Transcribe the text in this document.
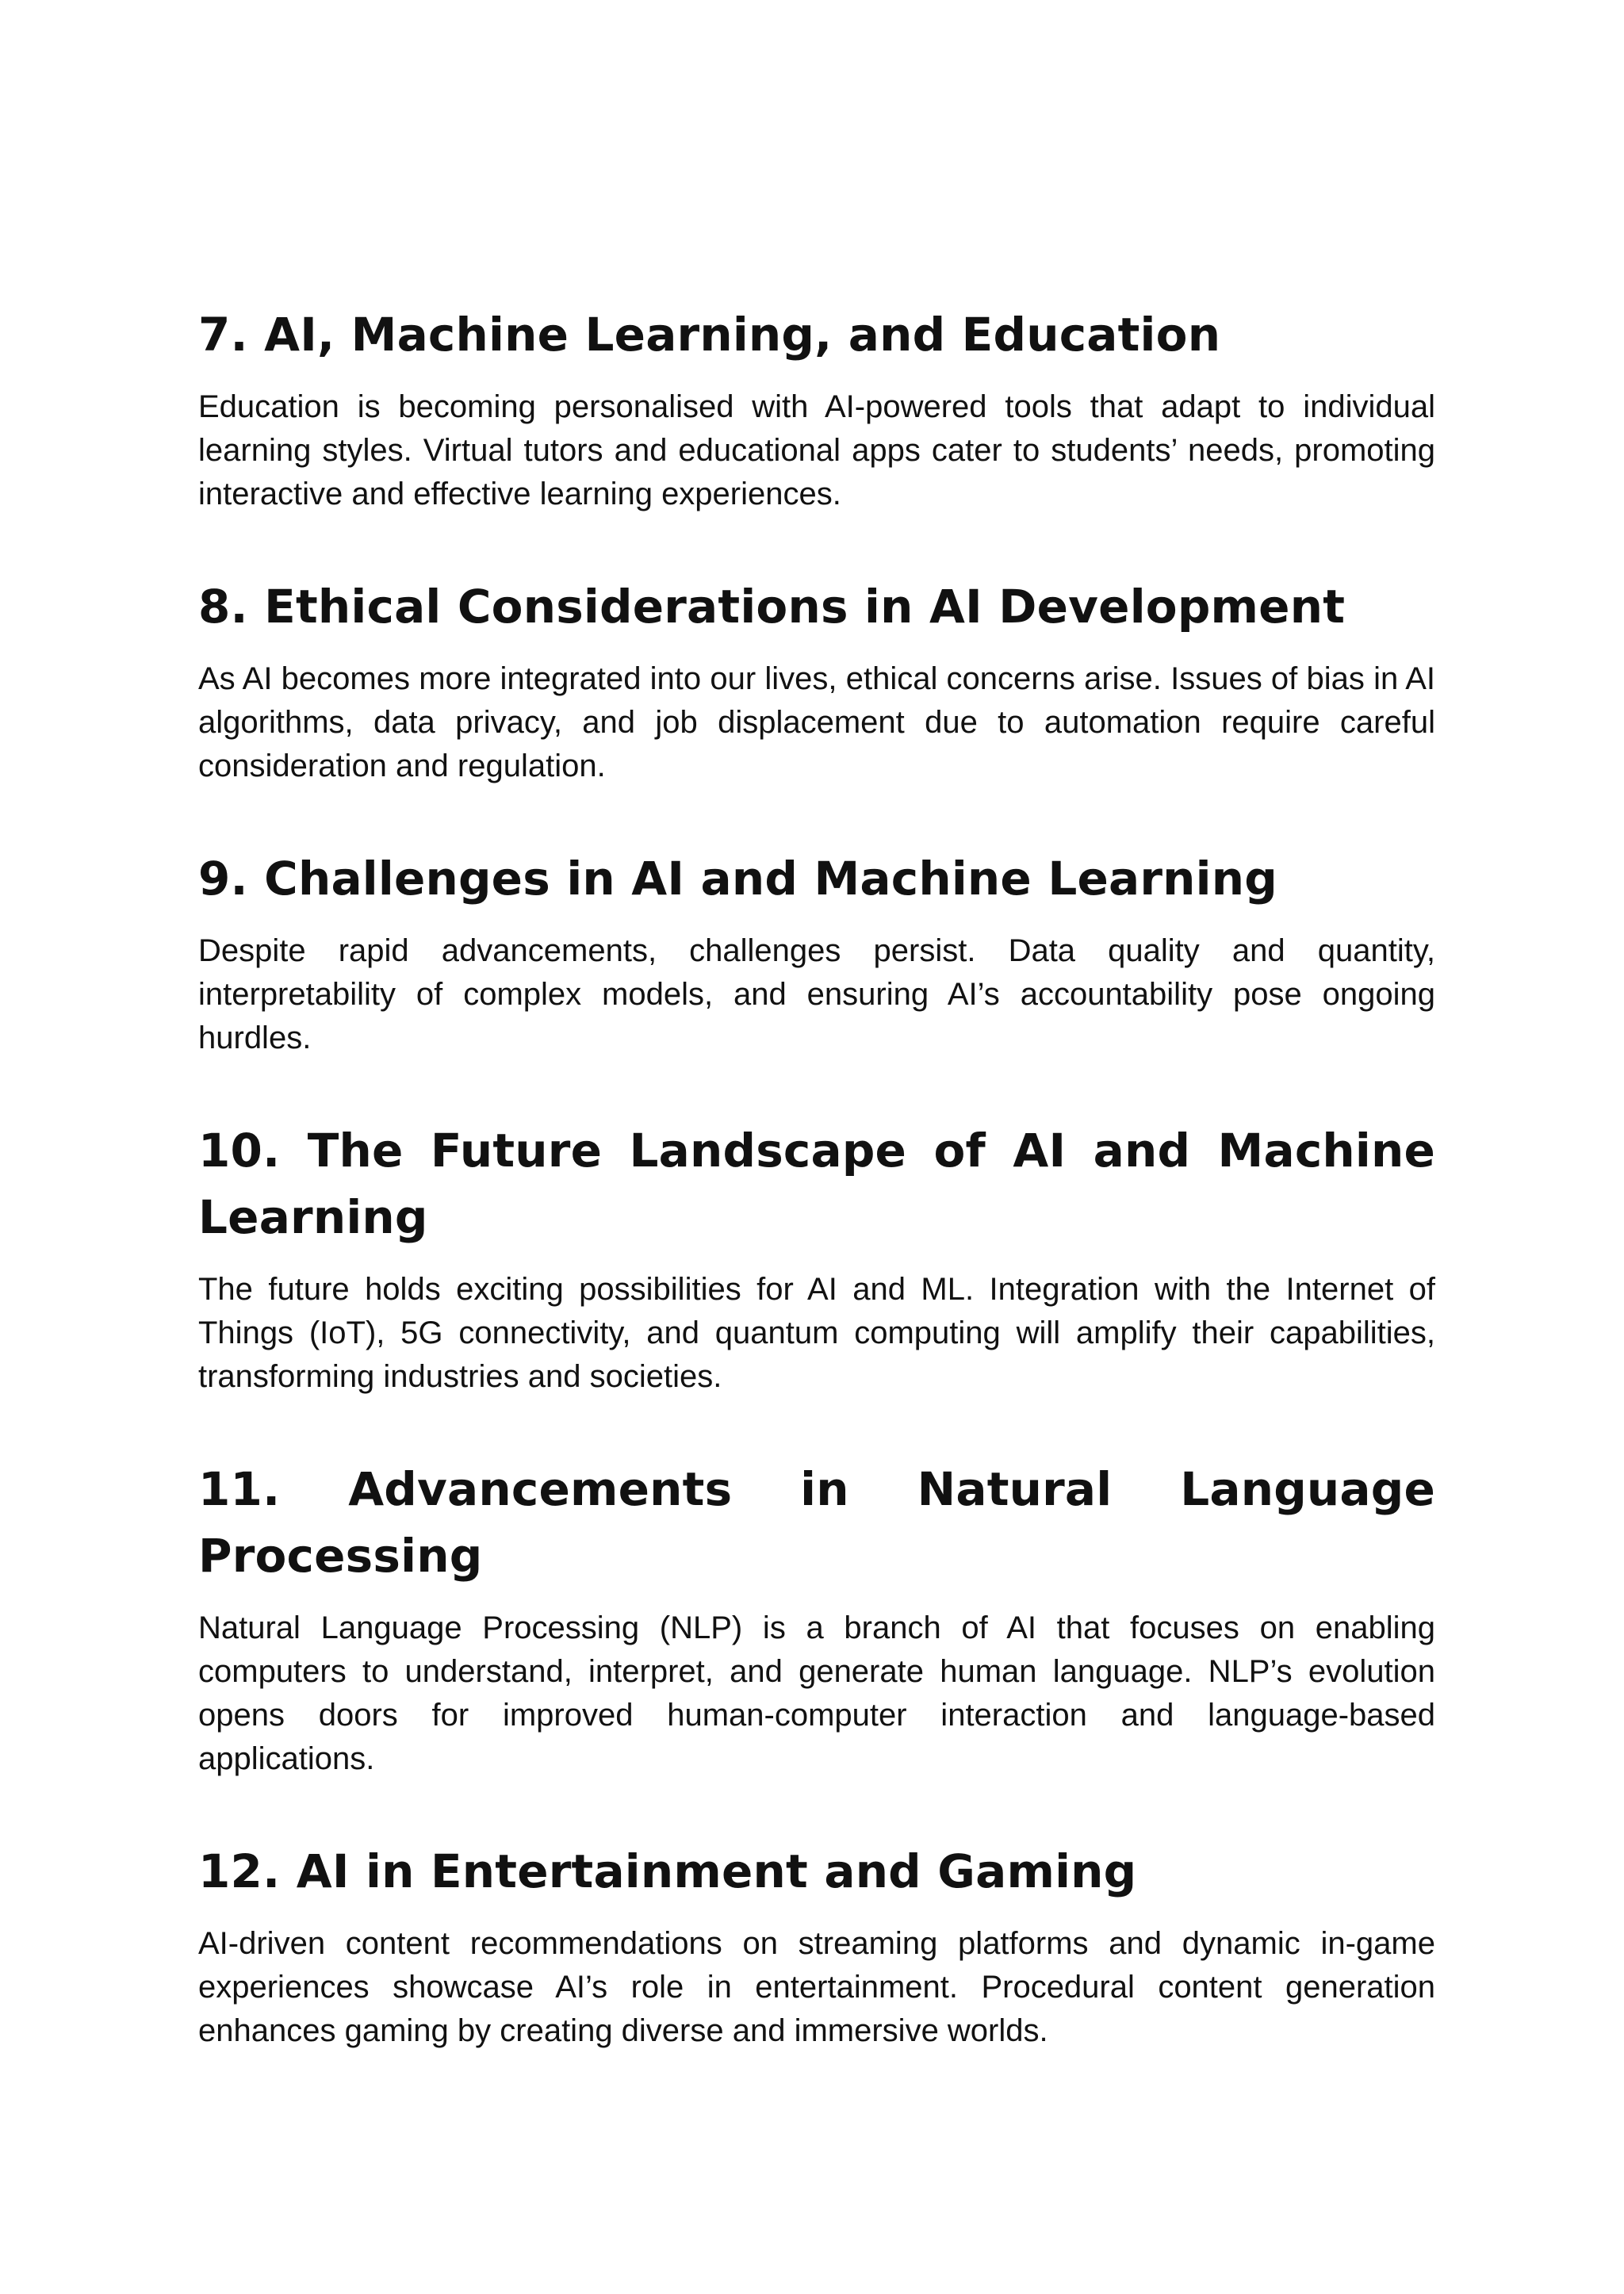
7. AI, Machine Learning, and Education

Education is becoming personalised with AI-powered tools that adapt to individual learning styles. Virtual tutors and educational apps cater to students’ needs, promoting interactive and effective learning experiences.

8. Ethical Considerations in AI Development

As AI becomes more integrated into our lives, ethical concerns arise. Issues of bias in AI algorithms, data privacy, and job displacement due to automation require careful consideration and regulation.

9. Challenges in AI and Machine Learning

Despite rapid advancements, challenges persist. Data quality and quantity, interpretability of complex models, and ensuring AI’s accountability pose ongoing hurdles.

10. The Future Landscape of AI and Machine Learning

The future holds exciting possibilities for AI and ML. Integration with the Internet of Things (IoT), 5G connectivity, and quantum computing will amplify their capabilities, transforming industries and societies.

11. Advancements in Natural Language Processing

Natural Language Processing (NLP) is a branch of AI that focuses on enabling computers to understand, interpret, and generate human language. NLP’s evolution opens doors for improved human-computer interaction and language-based applications.

12. AI in Entertainment and Gaming

AI-driven content recommendations on streaming platforms and dynamic in-game experiences showcase AI’s role in entertainment. Procedural content generation enhances gaming by creating diverse and immersive worlds.
